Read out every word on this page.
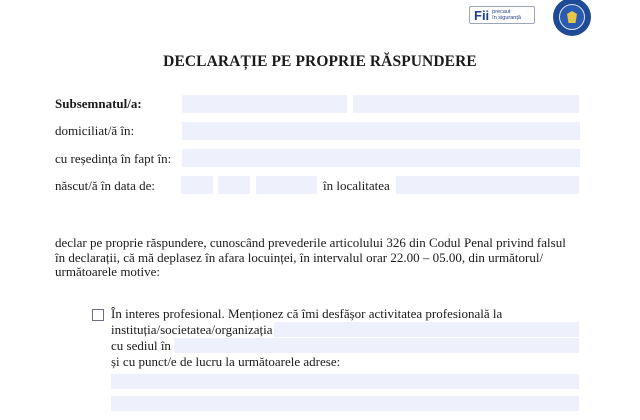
Fii precaut
în siguranță
DECLARAȚIE PE PROPRIE RĂSPUNDERE
Subsemnatul/a:
domiciliat/ă în:
cu reședința în fapt în:
născut/ă în data de:	în localitatea
declar pe proprie răspundere, cunoscând prevederile articolului 326 din Codul Penal privind falsul
în declarații, că mă deplasez în afara locuinței, în intervalul orar 22.00 – 05.00, din următorul/
următoarele motive:
În interes profesional. Menționez că îmi desfășor activitatea profesională la
instituția/societatea/organizația
cu sediul în
și cu punct/e de lucru la următoarele adrese:
